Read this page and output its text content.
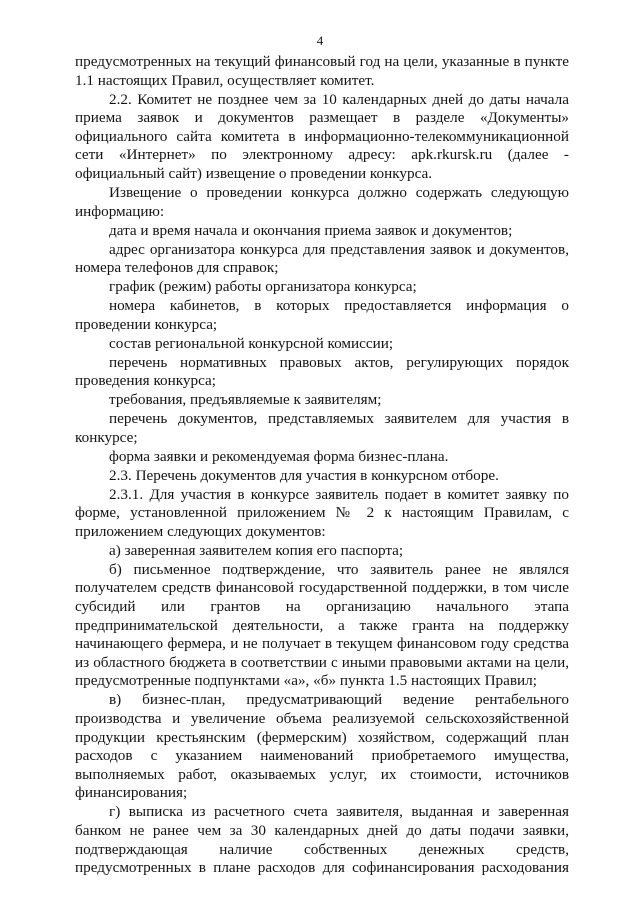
4

предусмотренных на текущий финансовый год на цели, указанные в пункте 1.1 настоящих Правил, осуществляет комитет.

2.2. Комитет не позднее чем за 10 календарных дней до даты начала приема заявок и документов размещает в разделе «Документы» официального сайта комитета в информационно-телекоммуникационной сети «Интернет» по электронному адресу: apk.rkursk.ru (далее - официальный сайт) извещение о проведении конкурса.

Извещение о проведении конкурса должно содержать следующую информацию:

дата и время начала и окончания приема заявок и документов;

адрес организатора конкурса для представления заявок и документов, номера телефонов для справок;

график (режим) работы организатора конкурса;

номера кабинетов, в которых предоставляется информация о проведении конкурса;

состав региональной конкурсной комиссии;

перечень нормативных правовых актов, регулирующих порядок проведения конкурса;

требования, предъявляемые к заявителям;

перечень документов, представляемых заявителем для участия в конкурсе;

форма заявки и рекомендуемая форма бизнес-плана.

2.3. Перечень документов для участия в конкурсном отборе.

2.3.1. Для участия в конкурсе заявитель подает в комитет заявку по форме, установленной приложением № 2 к настоящим Правилам, с приложением следующих документов:

а) заверенная заявителем копия его паспорта;

б) письменное подтверждение, что заявитель ранее не являлся получателем средств финансовой государственной поддержки, в том числе субсидий или грантов на организацию начального этапа предпринимательской деятельности, а также гранта на поддержку начинающего фермера, и не получает в текущем финансовом году средства из областного бюджета в соответствии с иными правовыми актами на цели, предусмотренные подпунктами «а», «б» пункта 1.5 настоящих Правил;

в) бизнес-план, предусматривающий ведение рентабельного производства и увеличение объема реализуемой сельскохозяйственной продукции крестьянским (фермерским) хозяйством, содержащий план расходов с указанием наименований приобретаемого имущества, выполняемых работ, оказываемых услуг, их стоимости, источников финансирования;

г) выписка из расчетного счета заявителя, выданная и заверенная банком не ранее чем за 30 календарных дней до даты подачи заявки, подтверждающая наличие собственных денежных средств, предусмотренных в плане расходов для софинансирования расходования
